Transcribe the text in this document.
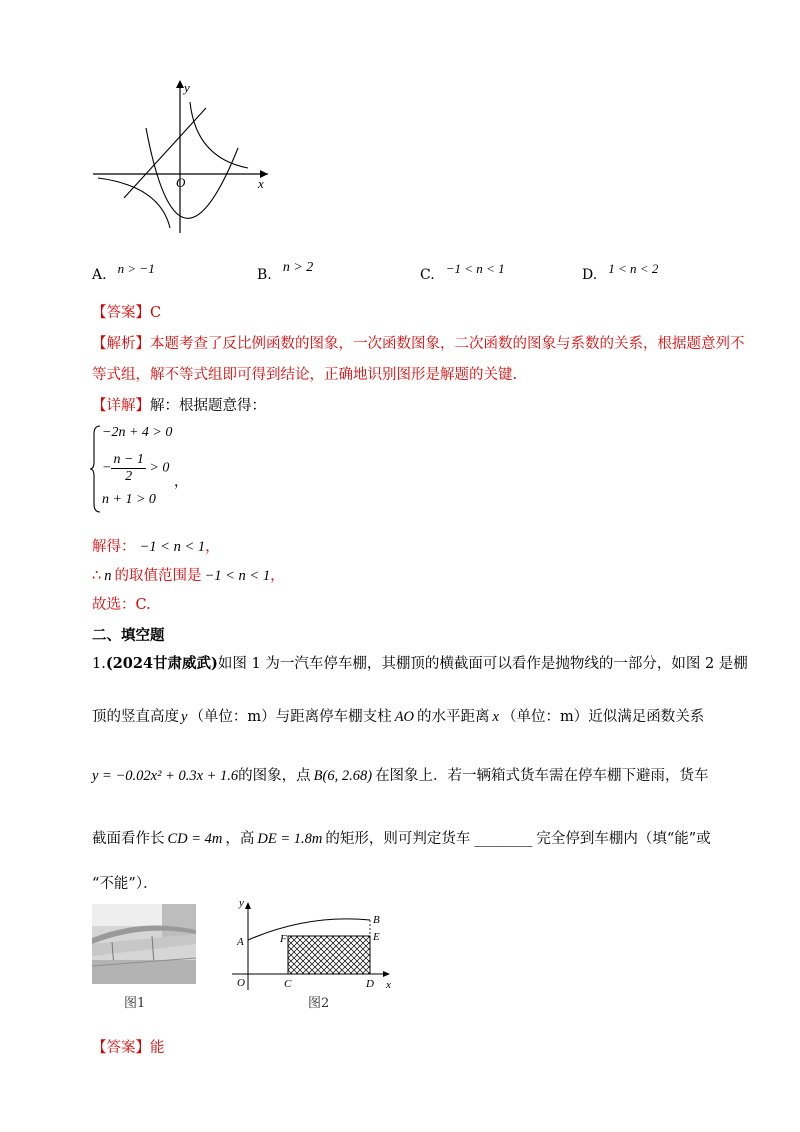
y
x
O
A. n > −1	B. n > 2	C. −1 < n < 1	D. 1 < n < 2
【答案】C
【解析】本题考查了反比例函数的图象，一次函数图象，二次函数的图象与系数的关系，根据题意列不
等式组，解不等式组即可得到结论，正确地识别图形是解题的关键.
【详解】解：根据题意得：
−2n + 4 > 0
− $\frac{n - 1}{2} > 0$
，
n + 1 > 0
解得： −1 < n < 1，
∴ n 的取值范围是 −1 < n < 1，
故选：C.
二、填空题
1.(2024甘肃威武)如图 1 为一汽车停车棚，其棚顶的横截面可以看作是抛物线的一部分，如图 2 是棚
顶的竖直高度 y （单位：m）与距离停车棚支柱 AO 的水平距离 x （单位：m）近似满足函数关系
y = −0.02x² + 0.3x + 1.6的图象，点 B(6, 2.68) 在图象上．若一辆箱式货车需在停车棚下避雨，货车
截面看作长 CD = 4m ，高 DE = 1.8m 的矩形，则可判定货车 ________ 完全停到车棚内（填“能”或
“不能”）．
图1
y
x
O
A
B
C	D
E
F
图2
【答案】能
